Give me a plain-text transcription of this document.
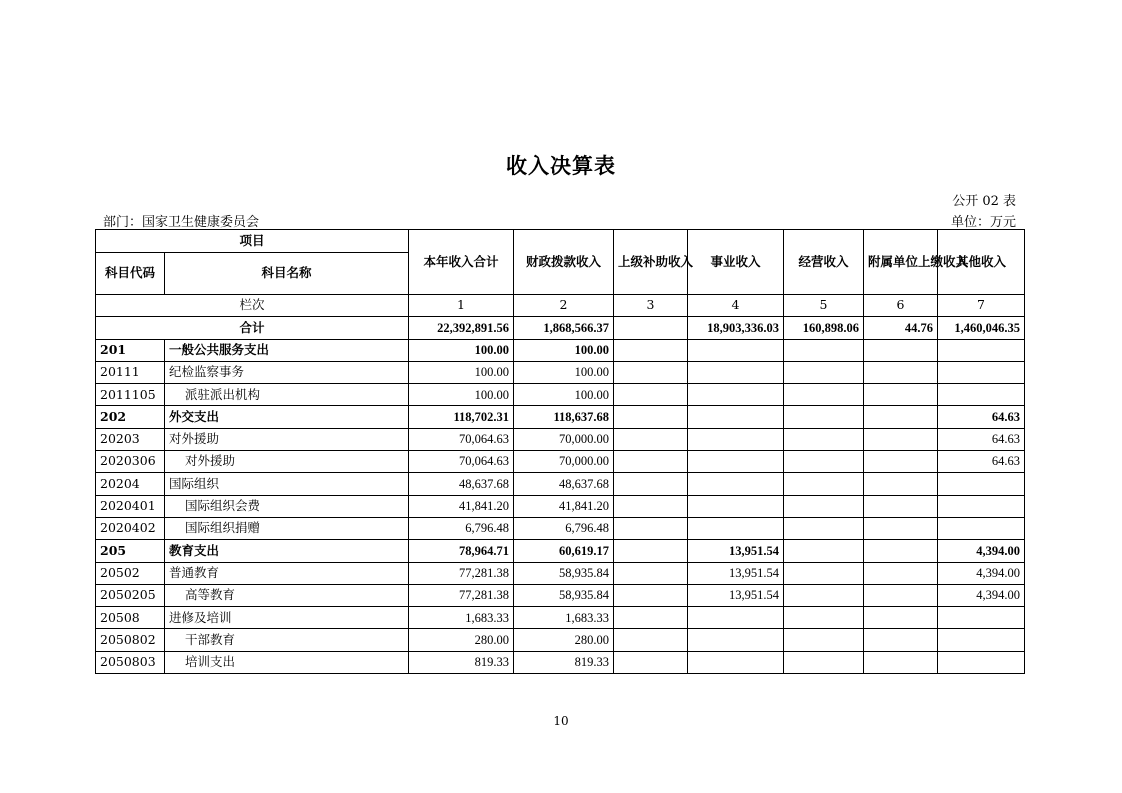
收入决算表
公开 02 表
部门：国家卫生健康委员会	单位：万元
项目		本年收入合计	财政拨款收入	上级补助收入	事业收入	经营收入	附属单位上缴收入	其他收入
科目代码	科目名称							
栏次		1	2	3	4	5	6	7
合计		22,392,891.56	1,868,566.37		18,903,336.03	160,898.06	44.76	1,460,046.35
201	一般公共服务支出	100.00	100.00					
20111	纪检监察事务	100.00	100.00					
2011105	派驻派出机构	100.00	100.00					
202	外交支出	118,702.31	118,637.68					64.63
20203	对外援助	70,064.63	70,000.00					64.63
2020306	对外援助	70,064.63	70,000.00					64.63
20204	国际组织	48,637.68	48,637.68					
2020401	国际组织会费	41,841.20	41,841.20					
2020402	国际组织捐赠	6,796.48	6,796.48					
205	教育支出	78,964.71	60,619.17		13,951.54			4,394.00
20502	普通教育	77,281.38	58,935.84		13,951.54			4,394.00
2050205	高等教育	77,281.38	58,935.84		13,951.54			4,394.00
20508	进修及培训	1,683.33	1,683.33					
2050802	干部教育	280.00	280.00					
2050803	培训支出	819.33	819.33					
10
